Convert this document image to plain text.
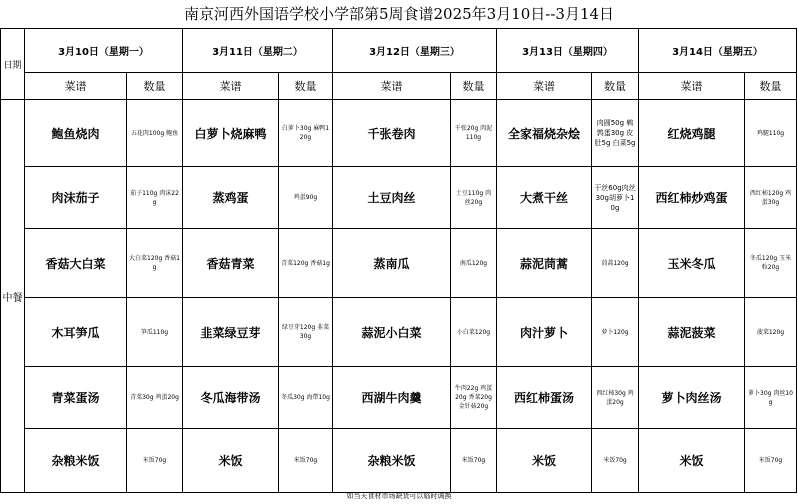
南京河西外国语学校小学部第5周食谱2025年3月10日--3月14日
日期	3月10日（星期一）		3月11日（星期二）		3月12日（星期三）		3月13日（星期四）		3月14日（星期五）	
	菜谱	数量	菜谱	数量	菜谱	数量	菜谱	数量	菜谱	数量
中餐	鲍鱼烧肉	五花肉100g 鲍鱼	白萝卜烧麻鸭	白萝卜30g 麻鸭120g	千张卷肉	千张20g 肉泥110g	全家福烧杂烩	肉圆50g 鹌鹑蛋30g 皮肚5g 白菜5g	红烧鸡腿	鸡腿110g
	肉沫茄子	茄子110g 肉沫22g	蒸鸡蛋	鸡蛋90g	土豆肉丝	土豆110g 肉丝20g	大煮干丝	干丝60g肉丝30g胡萝卜10g	西红柿炒鸡蛋	西红柿120g 鸡蛋30g
	香菇大白菜	大白菜120g 香菇1g	香菇青菜	青菜120g 香菇1g	蒸南瓜	南瓜120g	蒜泥茼蒿	茼蒿120g	玉米冬瓜	冬瓜120g 玉米粒20g
	木耳笋瓜	笋瓜110g	韭菜绿豆芽	绿豆芽120g 韭菜30g	蒜泥小白菜	小白菜120g	肉汁萝卜	萝卜120g	蒜泥菠菜	菠菜120g
	青菜蛋汤	青菜30g 鸡蛋20g	冬瓜海带汤	冬瓜30g 海带10g	西湖牛肉羹	牛肉22g 鸡蛋20g 香菜20g 金针菇20g	西红柿蛋汤	西红柿30g 鸡蛋20g	萝卜肉丝汤	萝卜30g 肉丝10g
	杂粮米饭	米饭70g	米饭	米饭70g	杂粮米饭	米饭70g	米饭	米饭70g	米饭	米饭70g
如当天食材市场缺货可以临时调换
